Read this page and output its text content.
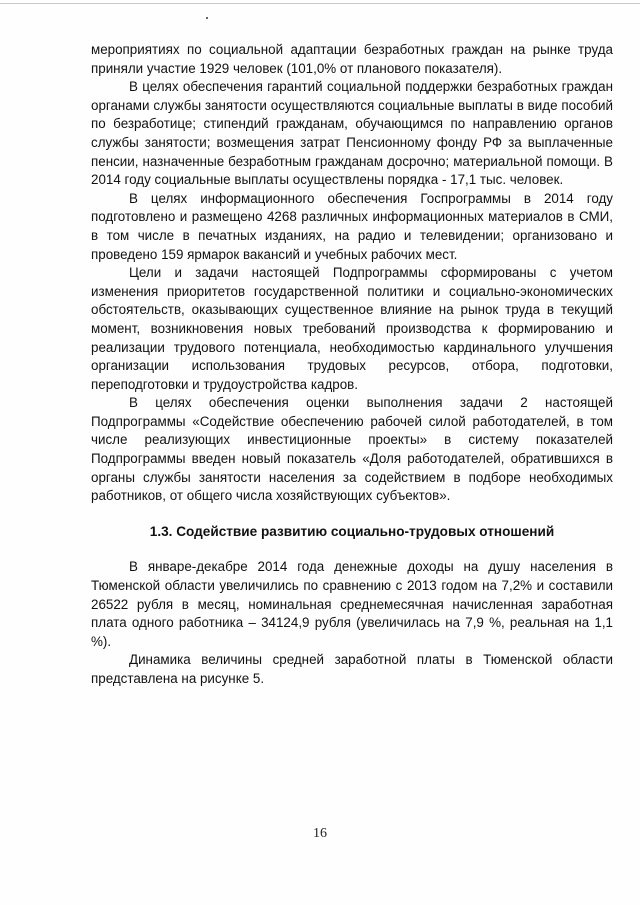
мероприятиях по социальной адаптации безработных граждан на рынке труда приняли участие 1929 человек (101,0% от планового показателя).

В целях обеспечения гарантий социальной поддержки безработных граждан органами службы занятости осуществляются социальные выплаты в виде пособий по безработице; стипендий гражданам, обучающимся по направлению органов службы занятости; возмещения затрат Пенсионному фонду РФ за выплаченные пенсии, назначенные безработным гражданам досрочно; материальной помощи. В 2014 году социальные выплаты осуществлены порядка - 17,1 тыс. человек.

В целях информационного обеспечения Госпрограммы в 2014 году подготовлено и размещено 4268 различных информационных материалов в СМИ, в том числе в печатных изданиях, на радио и телевидении; организовано и проведено 159 ярмарок вакансий и учебных рабочих мест.

Цели и задачи настоящей Подпрограммы сформированы с учетом изменения приоритетов государственной политики и социально-экономических обстоятельств, оказывающих существенное влияние на рынок труда в текущий момент, возникновения новых требований производства к формированию и реализации трудового потенциала, необходимостью кардинального улучшения организации использования трудовых ресурсов, отбора, подготовки, переподготовки и трудоустройства кадров.

В целях обеспечения оценки выполнения задачи 2 настоящей Подпрограммы «Содействие обеспечению рабочей силой работодателей, в том числе реализующих инвестиционные проекты» в систему показателей Подпрограммы введен новый показатель «Доля работодателей, обратившихся в органы службы занятости населения за содействием в подборе необходимых работников, от общего числа хозяйствующих субъектов».

1.3. Содействие развитию социально-трудовых отношений

В январе-декабре 2014 года денежные доходы на душу населения в Тюменской области увеличились по сравнению с 2013 годом на 7,2% и составили 26522 рубля в месяц, номинальная среднемесячная начисленная заработная плата одного работника – 34124,9 рубля (увеличилась на 7,9 %, реальная на 1,1 %).

Динамика величины средней заработной платы в Тюменской области представлена на рисунке 5.

16
